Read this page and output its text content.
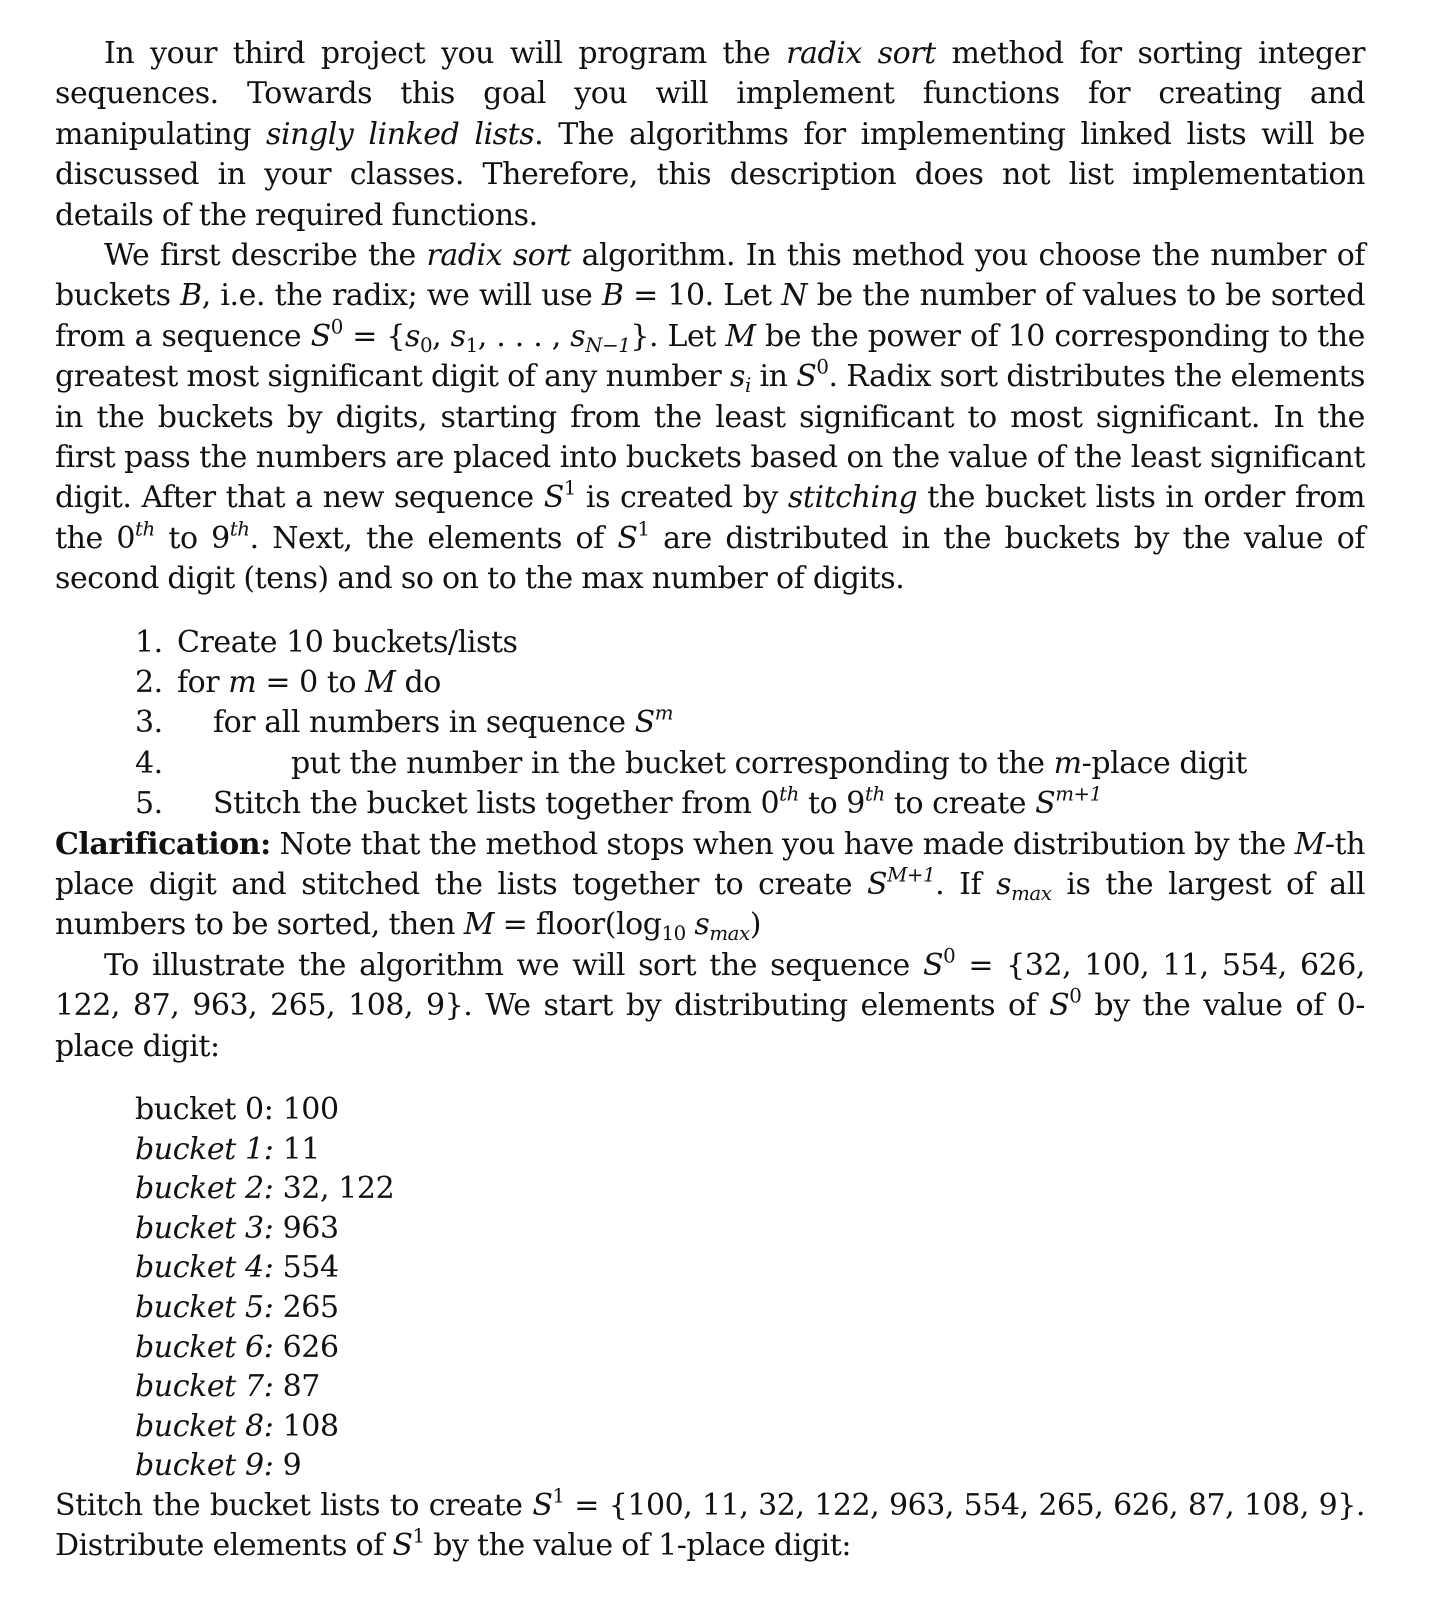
In your third project you will program the radix sort method for sorting integer sequences. Towards this goal you will implement functions for creating and manipulating singly linked lists. The algorithms for implementing linked lists will be discussed in your classes. Therefore, this description does not list implementation details of the required functions.

We first describe the radix sort algorithm. In this method you choose the number of buckets B, i.e. the radix; we will use B = 10. Let N be the number of values to be sorted from a sequence $S^0 = \{s_0$, $s_1$, . . . , $s_{N-1}$}. Let M be the power of 10 corresponding to the greatest most significant digit of any number $s_i$ in $S^0$. Radix sort distributes the elements in the buckets by digits, starting from the least significant to most significant. In the first pass the numbers are placed into buckets based on the value of the least significant digit. After that a new sequence $S^1$ is created by stitching the bucket lists in order from the 0th to 9th. Next, the elements of $S^1$ are distributed in the buckets by the value of second digit (tens) and so on to the max number of digits.

1. Create 10 buckets/lists
2. for m = 0 to M do
3.	for all numbers in sequence $S^m$
4.	put the number in the bucket corresponding to the m-place digit
5.	Stitch the bucket lists together from 0th to 9th to create $S^{m+1}$

Clarification: Note that the method stops when you have made distribution by the M-th place digit and stitched the lists together to create $S^{M+1}$. If $s_{max}$ is the largest of all numbers to be sorted, then $M = floor(\log_{10}$ $s_{max}$)

To illustrate the algorithm we will sort the sequence $S^0 = \{32$, 100, 11, 554, 626, 122, 87, 963, 265, 108, 9}. We start by distributing elements of $S^0$ by the value of 0-place digit:

bucket 0: 100
bucket 1: 11
bucket 2: 32, 122
bucket 3: 963
bucket 4: 554
bucket 5: 265
bucket 6: 626
bucket 7: 87
bucket 8: 108
bucket 9: 9

Stitch the bucket lists to create $S^1 = \{100$, 11, 32, 122, 963, 554, 265, 626, 87, 108, 9}. Distribute elements of $S^1$ by the value of 1-place digit:
